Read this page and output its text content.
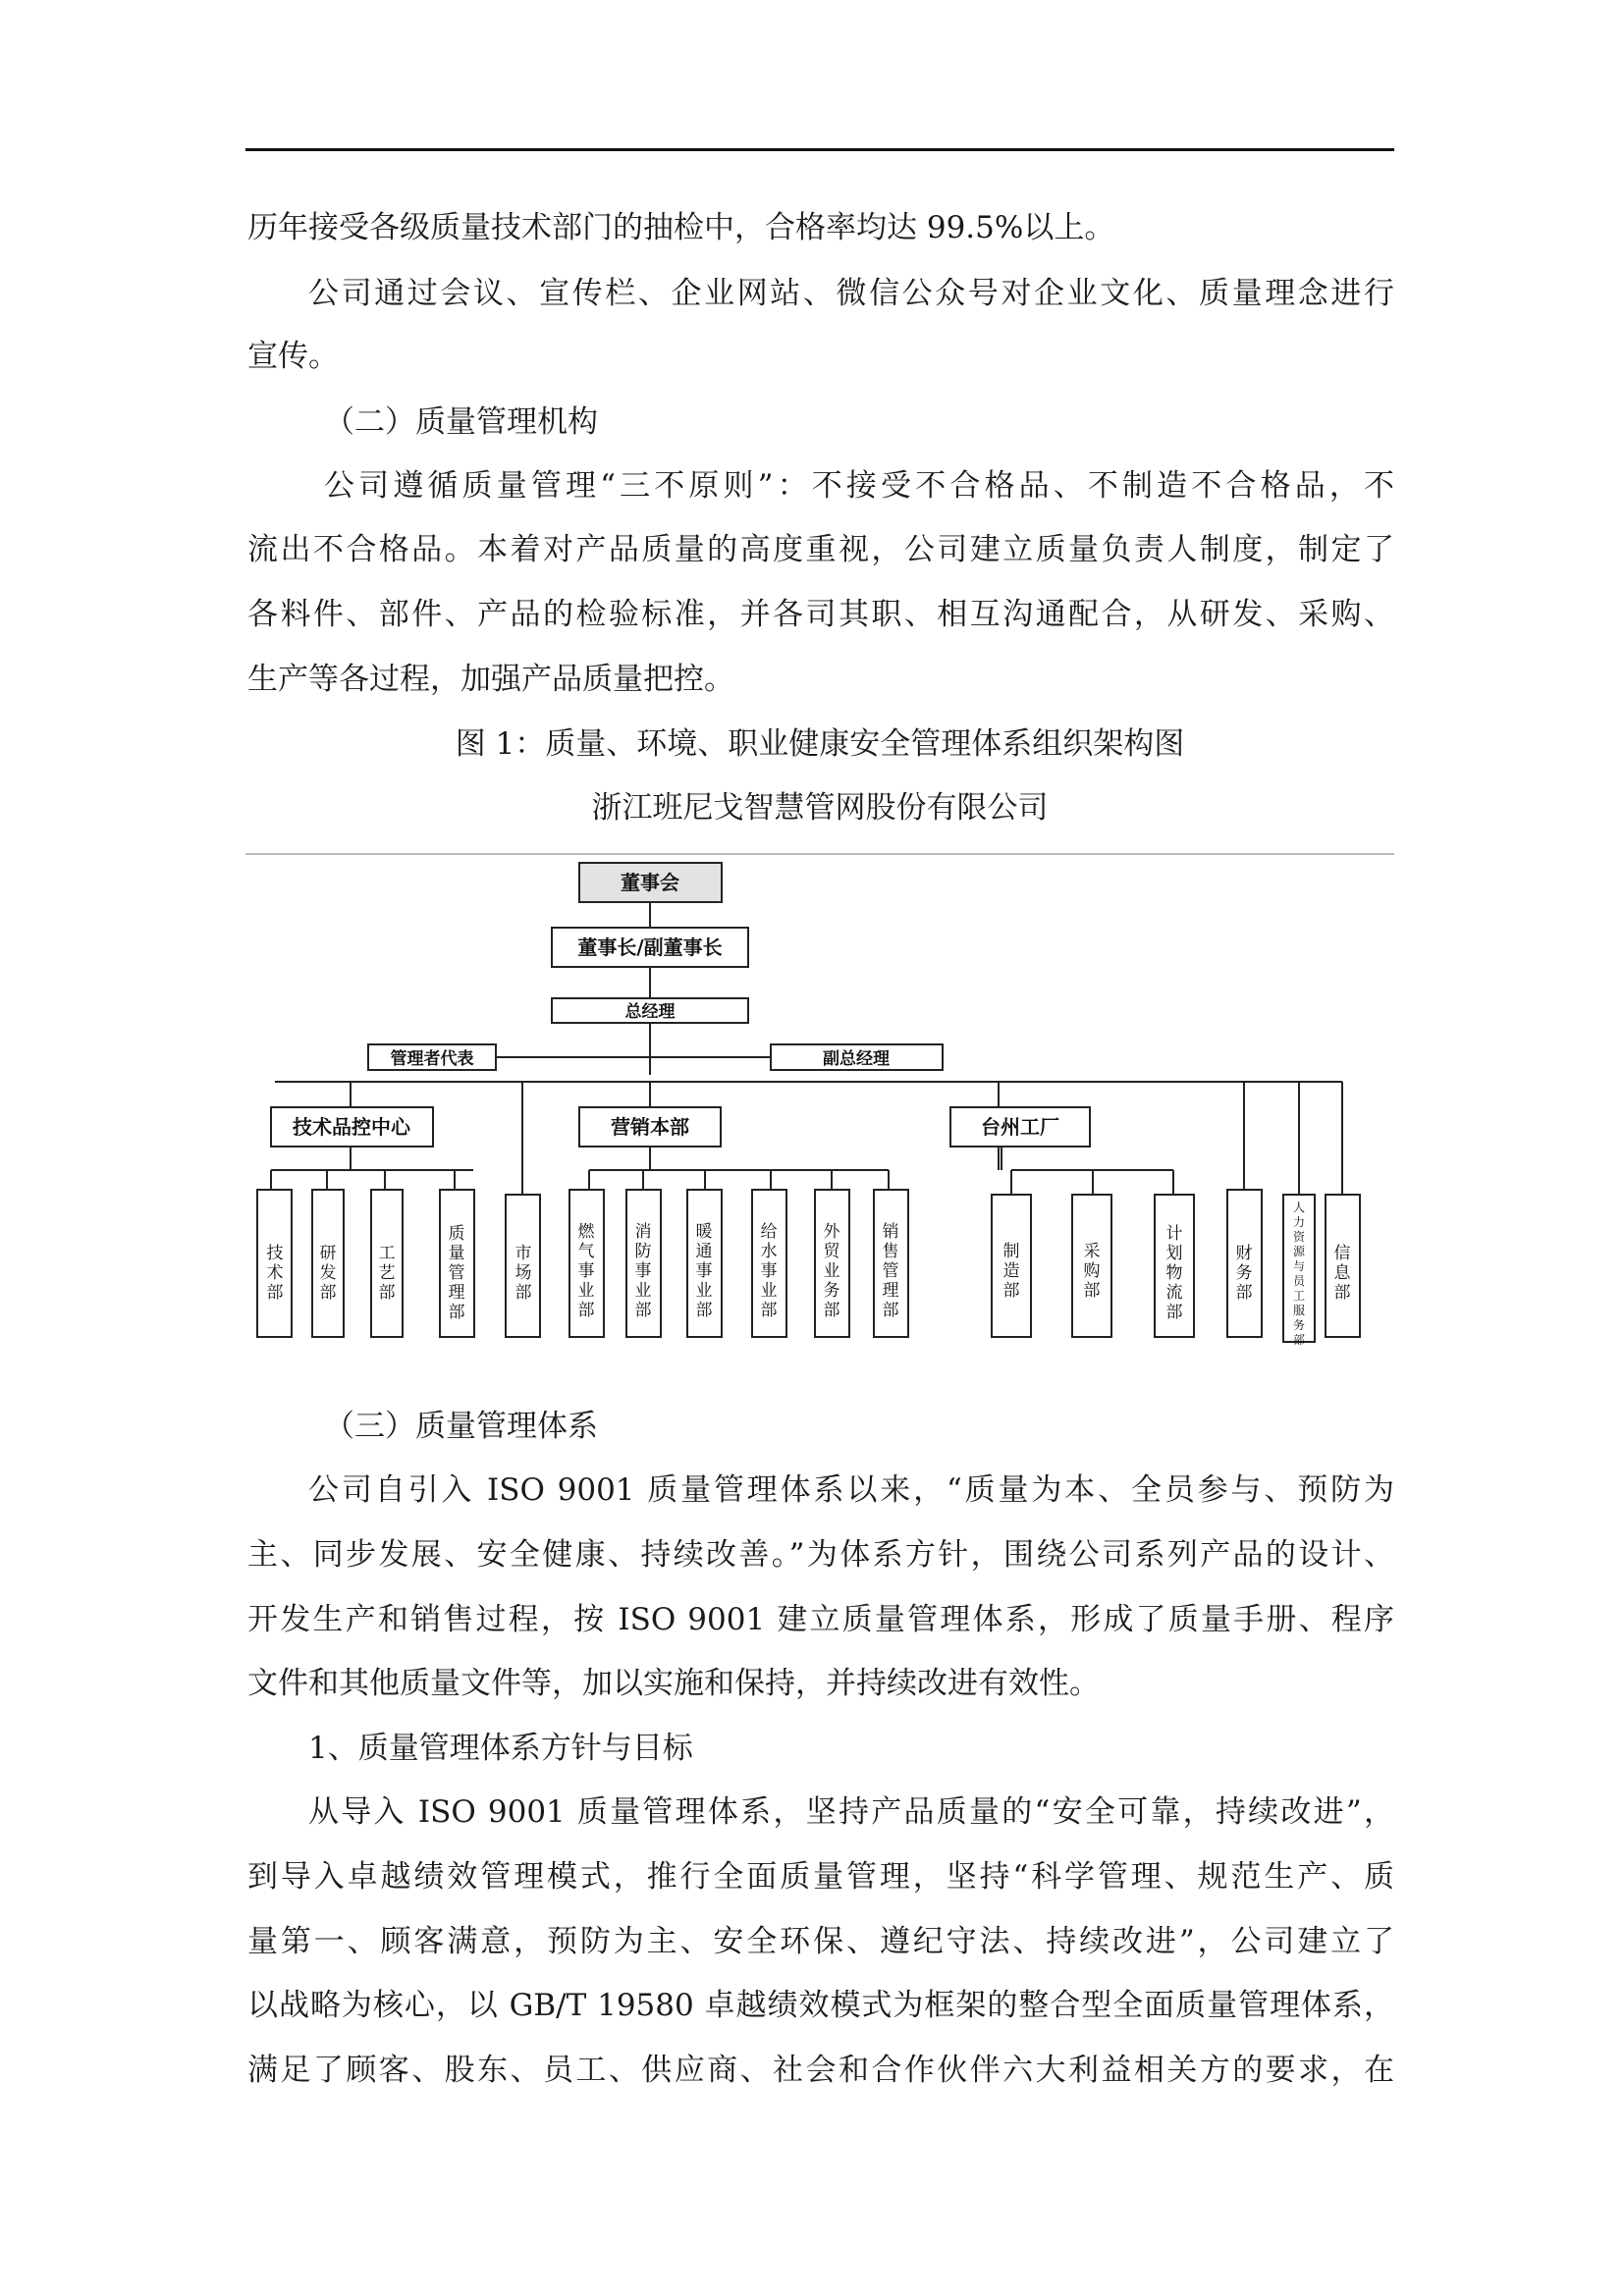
历年接受各级质量技术部门的抽检中，合格率均达 99.5%以上。
公司通过会议、宣传栏、企业网站、微信公众号对企业文化、质量理念进行
宣传。
（二）质量管理机构
公司遵循质量管理“三不原则”：不接受不合格品、不制造不合格品，不
流出不合格品。本着对产品质量的高度重视，公司建立质量负责人制度，制定了
各料件、部件、产品的检验标准，并各司其职、相互沟通配合，从研发、采购、
生产等各过程，加强产品质量把控。
图 1：质量、环境、职业健康安全管理体系组织架构图
浙江班尼戈智慧管网股份有限公司
董事会
董事长/副董事长
总经理
管理者代表	副总经理
技术品控中心	营销本部	台州工厂
技术部
研发部
工艺部
质量管理部
市场部
燃气事业部
消防事业部
暖通事业部
给水事业部
外贸业务部
销售管理部
制造部
采购部
计划物流部
财务部
人力资源与员工服务部
信息部
（三）质量管理体系
公司自引入 ISO 9001 质量管理体系以来，“质量为本、全员参与、预防为
主、同步发展、安全健康、持续改善。”为体系方针，围绕公司系列产品的设计、
开发生产和销售过程，按 ISO 9001 建立质量管理体系，形成了质量手册、程序
文件和其他质量文件等，加以实施和保持，并持续改进有效性。
1、质量管理体系方针与目标
从导入 ISO 9001 质量管理体系，坚持产品质量的“安全可靠，持续改进”，
到导入卓越绩效管理模式，推行全面质量管理，坚持“科学管理、规范生产、质
量第一、顾客满意，预防为主、安全环保、遵纪守法、持续改进”，公司建立了
以战略为核心，以 GB/T 19580 卓越绩效模式为框架的整合型全面质量管理体系，
满足了顾客、股东、员工、供应商、社会和合作伙伴六大利益相关方的要求，在
